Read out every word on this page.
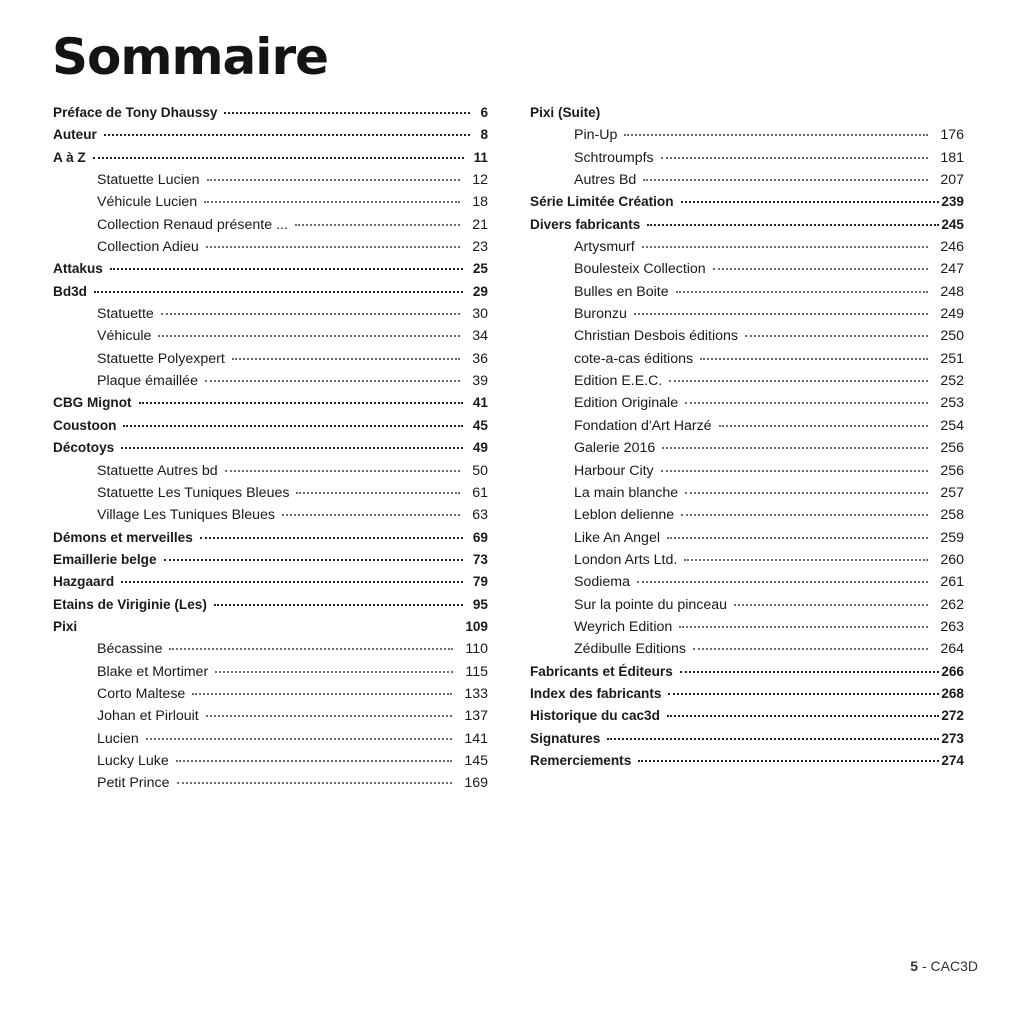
Sommaire
Préface de Tony Dhaussy	6
Auteur	8
A à Z	11
Statuette Lucien	12
Véhicule Lucien	18
Collection Renaud présente ...	21
Collection Adieu	23
Attakus	25
Bd3d	29
Statuette	30
Véhicule	34
Statuette Polyexpert	36
Plaque émaillée	39
CBG Mignot	41
Coustoon	45
Décotoys	49
Statuette Autres bd	50
Statuette Les Tuniques Bleues	61
Village Les Tuniques Bleues	63
Démons et merveilles	69
Emaillerie belge	73
Hazgaard	79
Etains de Viriginie (Les)	95
Pixi	109
Bécassine	110
Blake et Mortimer	115
Corto Maltese	133
Johan et Pirlouit	137
Lucien	141
Lucky Luke	145
Petit Prince	169
Pixi (Suite)
Pin-Up	176
Schtroumpfs	181
Autres Bd	207
Série Limitée Création	239
Divers fabricants	245
Artysmurf	246
Boulesteix Collection	247
Bulles en Boite	248
Buronzu	249
Christian Desbois éditions	250
cote-a-cas éditions	251
Edition E.E.C.	252
Edition Originale	253
Fondation d'Art Harzé	254
Galerie 2016	256
Harbour City	256
La main blanche	257
Leblon delienne	258
Like An Angel	259
London Arts Ltd.	260
Sodiema	261
Sur la pointe du pinceau	262
Weyrich Edition	263
Zédibulle Editions	264
Fabricants et Éditeurs	266
Index des fabricants	268
Historique du cac3d	272
Signatures	273
Remerciements	274
5 - CAC3D
